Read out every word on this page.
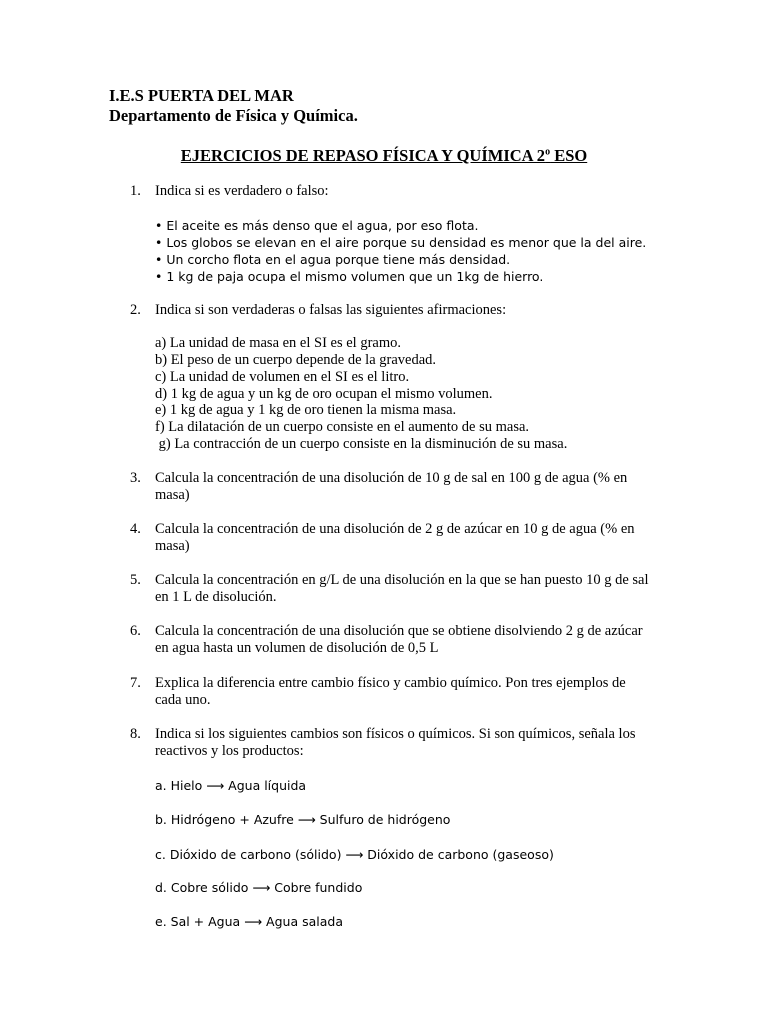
I.E.S PUERTA DEL MAR
Departamento de Física y Química.
EJERCICIOS DE REPASO FÍSICA Y QUÍMICA 2$^o$ ESO
1. Indica si es verdadero o falso:
• El aceite es más denso que el agua, por eso flota.
• Los globos se elevan en el aire porque su densidad es menor que la del aire.
• Un corcho flota en el agua porque tiene más densidad.
• 1 kg de paja ocupa el mismo volumen que un 1kg de hierro.
2. Indica si son verdaderas o falsas las siguientes afirmaciones:
a) La unidad de masa en el SI es el gramo.
b) El peso de un cuerpo depende de la gravedad.
c) La unidad de volumen en el SI es el litro.
d) 1 kg de agua y un kg de oro ocupan el mismo volumen.
e) 1 kg de agua y 1 kg de oro tienen la misma masa.
f) La dilatación de un cuerpo consiste en el aumento de su masa.
g) La contracción de un cuerpo consiste en la disminución de su masa.
3. Calcula la concentración de una disolución de 10 g de sal en 100 g de agua (% en masa)
4. Calcula la concentración de una disolución de 2 g de azúcar en 10 g de agua (% en masa)
5. Calcula la concentración en g/L de una disolución en la que se han puesto 10 g de sal en 1 L de disolución.
6. Calcula la concentración de una disolución que se obtiene disolviendo 2 g de azúcar en agua hasta un volumen de disolución de 0,5 L
7. Explica la diferencia entre cambio físico y cambio químico. Pon tres ejemplos de cada uno.
8. Indica si los siguientes cambios son físicos o químicos. Si son químicos, señala los reactivos y los productos:
a. Hielo ⟶ Agua líquida
b. Hidrógeno + Azufre ⟶ Sulfuro de hidrógeno
c. Dióxido de carbono (sólido) ⟶ Dióxido de carbono (gaseoso)
d. Cobre sólido ⟶ Cobre fundido
e. Sal + Agua ⟶ Agua salada
